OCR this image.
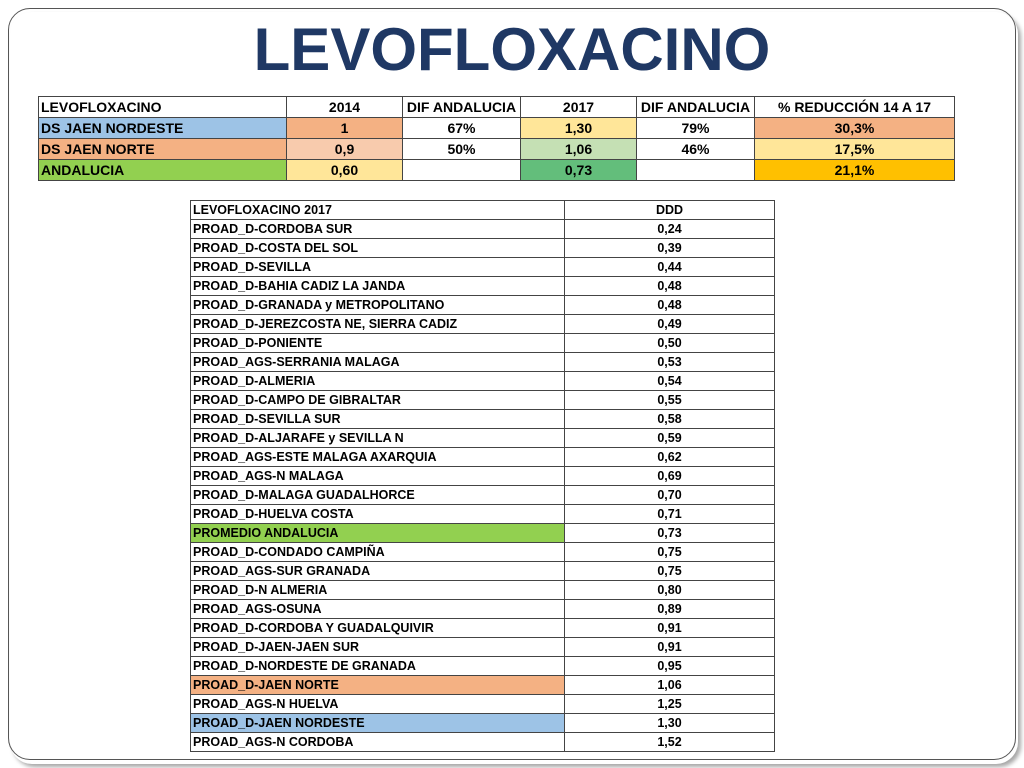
LEVOFLOXACINO
LEVOFLOXACINO	2014	DIF ANDALUCIA	2017	DIF ANDALUCIA	% REDUCCIÓN 14 A 17
DS JAEN NORDESTE	1	67%	1,30	79%	30,3%
DS JAEN NORTE	0,9	50%	1,06	46%	17,5%
ANDALUCIA	0,60		0,73		21,1%
LEVOFLOXACINO 2017	DDD
PROAD_D-CORDOBA SUR	0,24
PROAD_D-COSTA DEL SOL	0,39
PROAD_D-SEVILLA	0,44
PROAD_D-BAHIA CADIZ LA JANDA	0,48
PROAD_D-GRANADA y METROPOLITANO	0,48
PROAD_D-JEREZCOSTA NE, SIERRA CADIZ	0,49
PROAD_D-PONIENTE	0,50
PROAD_AGS-SERRANIA MALAGA	0,53
PROAD_D-ALMERIA	0,54
PROAD_D-CAMPO DE GIBRALTAR	0,55
PROAD_D-SEVILLA SUR	0,58
PROAD_D-ALJARAFE y SEVILLA N	0,59
PROAD_AGS-ESTE MALAGA AXARQUIA	0,62
PROAD_AGS-N MALAGA	0,69
PROAD_D-MALAGA GUADALHORCE	0,70
PROAD_D-HUELVA COSTA	0,71
PROMEDIO ANDALUCIA	0,73
PROAD_D-CONDADO CAMPIÑA	0,75
PROAD_AGS-SUR GRANADA	0,75
PROAD_D-N ALMERIA	0,80
PROAD_AGS-OSUNA	0,89
PROAD_D-CORDOBA Y GUADALQUIVIR	0,91
PROAD_D-JAEN-JAEN SUR	0,91
PROAD_D-NORDESTE DE GRANADA	0,95
PROAD_D-JAEN NORTE	1,06
PROAD_AGS-N HUELVA	1,25
PROAD_D-JAEN NORDESTE	1,30
PROAD_AGS-N CORDOBA	1,52
